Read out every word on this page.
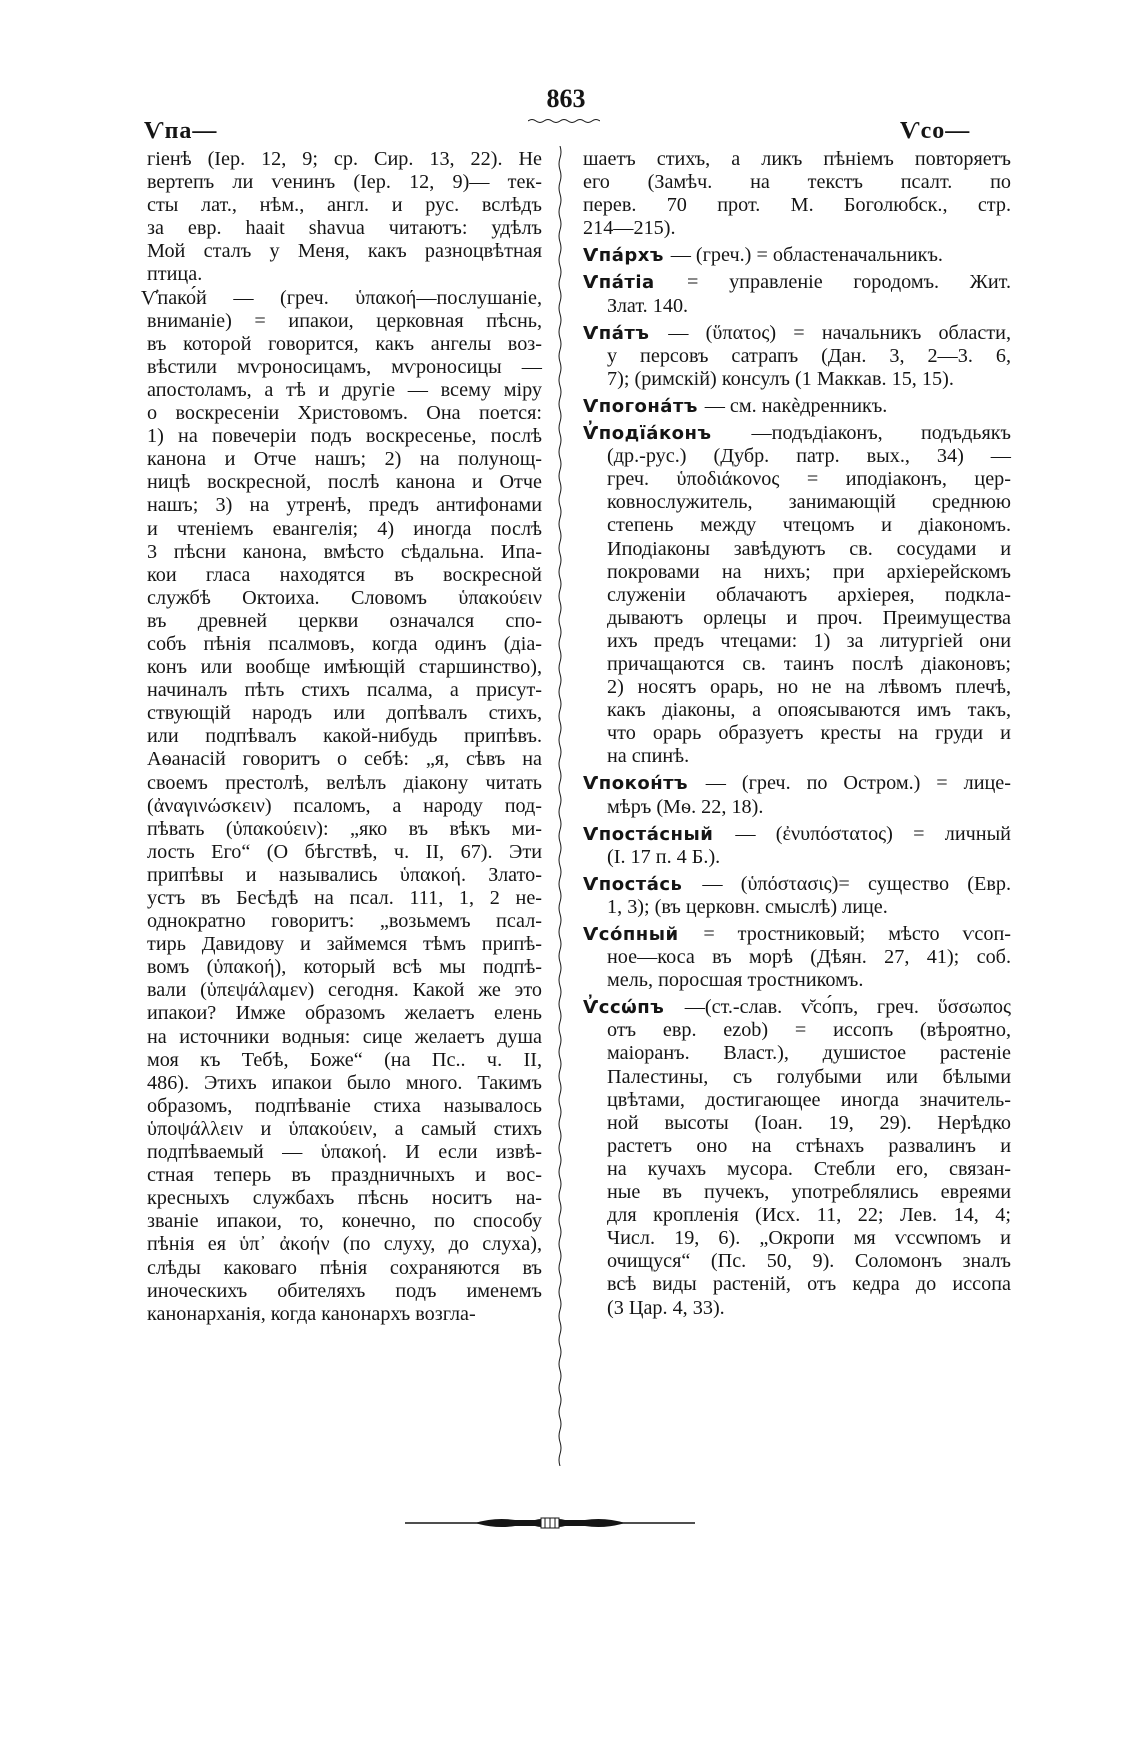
863
Ѵпа—	Ѵсо—
гіенѣ (Iep. 12, 9; ср. Сир. 13, 22). Не
вертепъ ли ѵенинъ (Iep. 12, 9)— тек-
сты лат., нѣм., англ. и рус. вслѣдъ
за евр. haait shavua читаютъ: удѣлъ
Мой сталъ у Меня, какъ разноцвѣтная
птица.
Ѵ̓пако́й — (греч. ὑπακοή—послушаніе,
вниманіе) = ипакои, церковная пѣснь,
въ которой говорится, какъ ангелы воз-
вѣстили мѵроносицамъ, мѵроносицы —
апостоламъ, а тѣ и другіе — всему міру
о воскресеніи Христовомъ. Она поется:
1) на повечеріи подъ воскресенье, послѣ
канона и Отче нашъ; 2) на полунощ-
ницѣ воскресной, послѣ канона и Отче
нашъ; 3) на утренѣ, предъ антифонами
и чтеніемъ евангелія; 4) иногда послѣ
3 пѣсни канона, вмѣсто сѣдальна. Ипа-
кои гласа находятся въ воскресной
службѣ Октоиха. Словомъ ὑπακούειν
въ древней церкви означался спо-
собъ пѣнія псалмовъ, когда одинъ (діа-
конъ или вообще имѣющій старшинство),
начиналъ пѣть стихъ псалма, а присут-
ствующій народъ или допѣвалъ стихъ,
или подпѣвалъ какой-нибудь припѣвъ.
Аѳанасій говоритъ о себѣ: „я, сѣвъ на
своемъ престолѣ, велѣлъ діакону читать
(ἀναγινώσκειν) псаломъ, а народу под-
пѣвать (ὑπακούειν): „яко въ вѣкъ ми-
лость Его“ (О бѣгствѣ, ч. II, 67). Эти
припѣвы и назывались ὑπακοή. Злато-
устъ въ Бесѣдѣ на псал. 111, 1, 2 не-
однократно говоритъ: „возьмемъ псал-
тирь Давидову и займемся тѣмъ припѣ-
вомъ (ὑπακοή), который всѣ мы подпѣ-
вали (ὑπεψάλαμεν) сегодня. Какой же это
ипакои? Имже образомъ желаетъ елень
на источники водныя: сице желаетъ душа
моя къ Тебѣ, Боже“ (на Пс.. ч. II,
486). Этихъ ипакои было много. Такимъ
образомъ, подпѣваніе стиха называлось
ὑποψάλλειν и ὑπακούειν, а самый стихъ
подпѣваемый — ὑπακοή. И если извѣ-
стная теперь въ праздничныхъ и вос-
кресныхъ службахъ пѣснь носитъ на-
званіе ипакои, то, конечно, по способу
пѣнія ея ὑπ᾽ ἀκοήν (по слуху, до слуха),
слѣды каковаго пѣнія сохраняются въ
иноческихъ обителяхъ подъ именемъ
канонарханія, когда канонархъ возгла-
шаетъ стихъ, а ликъ пѣніемъ повторяетъ
его (Замѣч. на текстъ псалт. по
перев. 70 прот. М. Боголюбск., стр.
214—215).
Ѵпа́рхъ — (греч.) = областеначальникъ.
Ѵпа́тіа = управленіе городомъ. Жит.
Злат. 140.
Ѵпа́тъ — (ὕπατος) = начальникъ области,
у персовъ сатрапъ (Дан. 3, 2—3. 6,
7); (римскій) консулъ (1 Маккав. 15, 15).
Ѵпогона́тъ — см. накѐдренникъ.
Ѵ̓подїа́конъ —подъдіаконъ, подъдьякъ
(др.-рус.) (Дубр. патр. вых., 34) —
греч. ὑποδιάκονος = иподіаконъ, цер-
ковнослужитель, занимающій среднюю
степень между чтецомъ и діакономъ.
Иподіаконы завѣдуютъ св. сосудами и
покровами на нихъ; при архіерейскомъ
служеніи облачаютъ архіерея, подкла-
дываютъ орлецы и проч. Преимущества
ихъ предъ чтецами: 1) за литургіей они
причащаются св. таинъ послѣ діаконовъ;
2) носятъ орарь, но не на лѣвомъ плечѣ,
какъ діаконы, а опоясываются имъ такъ,
что орарь образуетъ кресты на груди и
на спинѣ.
Ѵпокон́тъ — (греч. по Остром.) = лице-
мѣръ (Мѳ. 22, 18).
Ѵпоста́сный — (ἐνυπόστατος) = личный
(I. 17 п. 4 Б.).
Ѵпоста́сь — (ὑπόστασις)= существо (Евр.
1, 3); (въ церковн. смыслѣ) лице.
Ѵсо́пный = тростниковый; мѣсто ѵсоп-
ное—коса въ морѣ (Дѣян. 27, 41); соб.
мель, поросшая тростникомъ.
Ѵ̓ссѡ́пъ —(ст.-слав. ѵ̆со́пъ, греч. ὕσσωπος
отъ евр. ezob) = иссопъ (вѣроятно,
маіоранъ. Власт.), душистое растеніе
Палестины, съ голубыми или бѣлыми
цвѣтами, достигающее иногда значитель-
ной высоты (Іоан. 19, 29). Нерѣдко
растетъ оно на стѣнахъ развалинъ и
на кучахъ мусора. Стебли его, связан-
ные въ пучекъ, употреблялись евреями
для кропленія (Исх. 11, 22; Лев. 14, 4;
Числ. 19, 6). „Окропи мя ѵссѡпомъ и
очищуся“ (Пс. 50, 9). Соломонъ зналъ
всѣ виды растеній, отъ кедра до иссопа
(3 Цар. 4, 33).
